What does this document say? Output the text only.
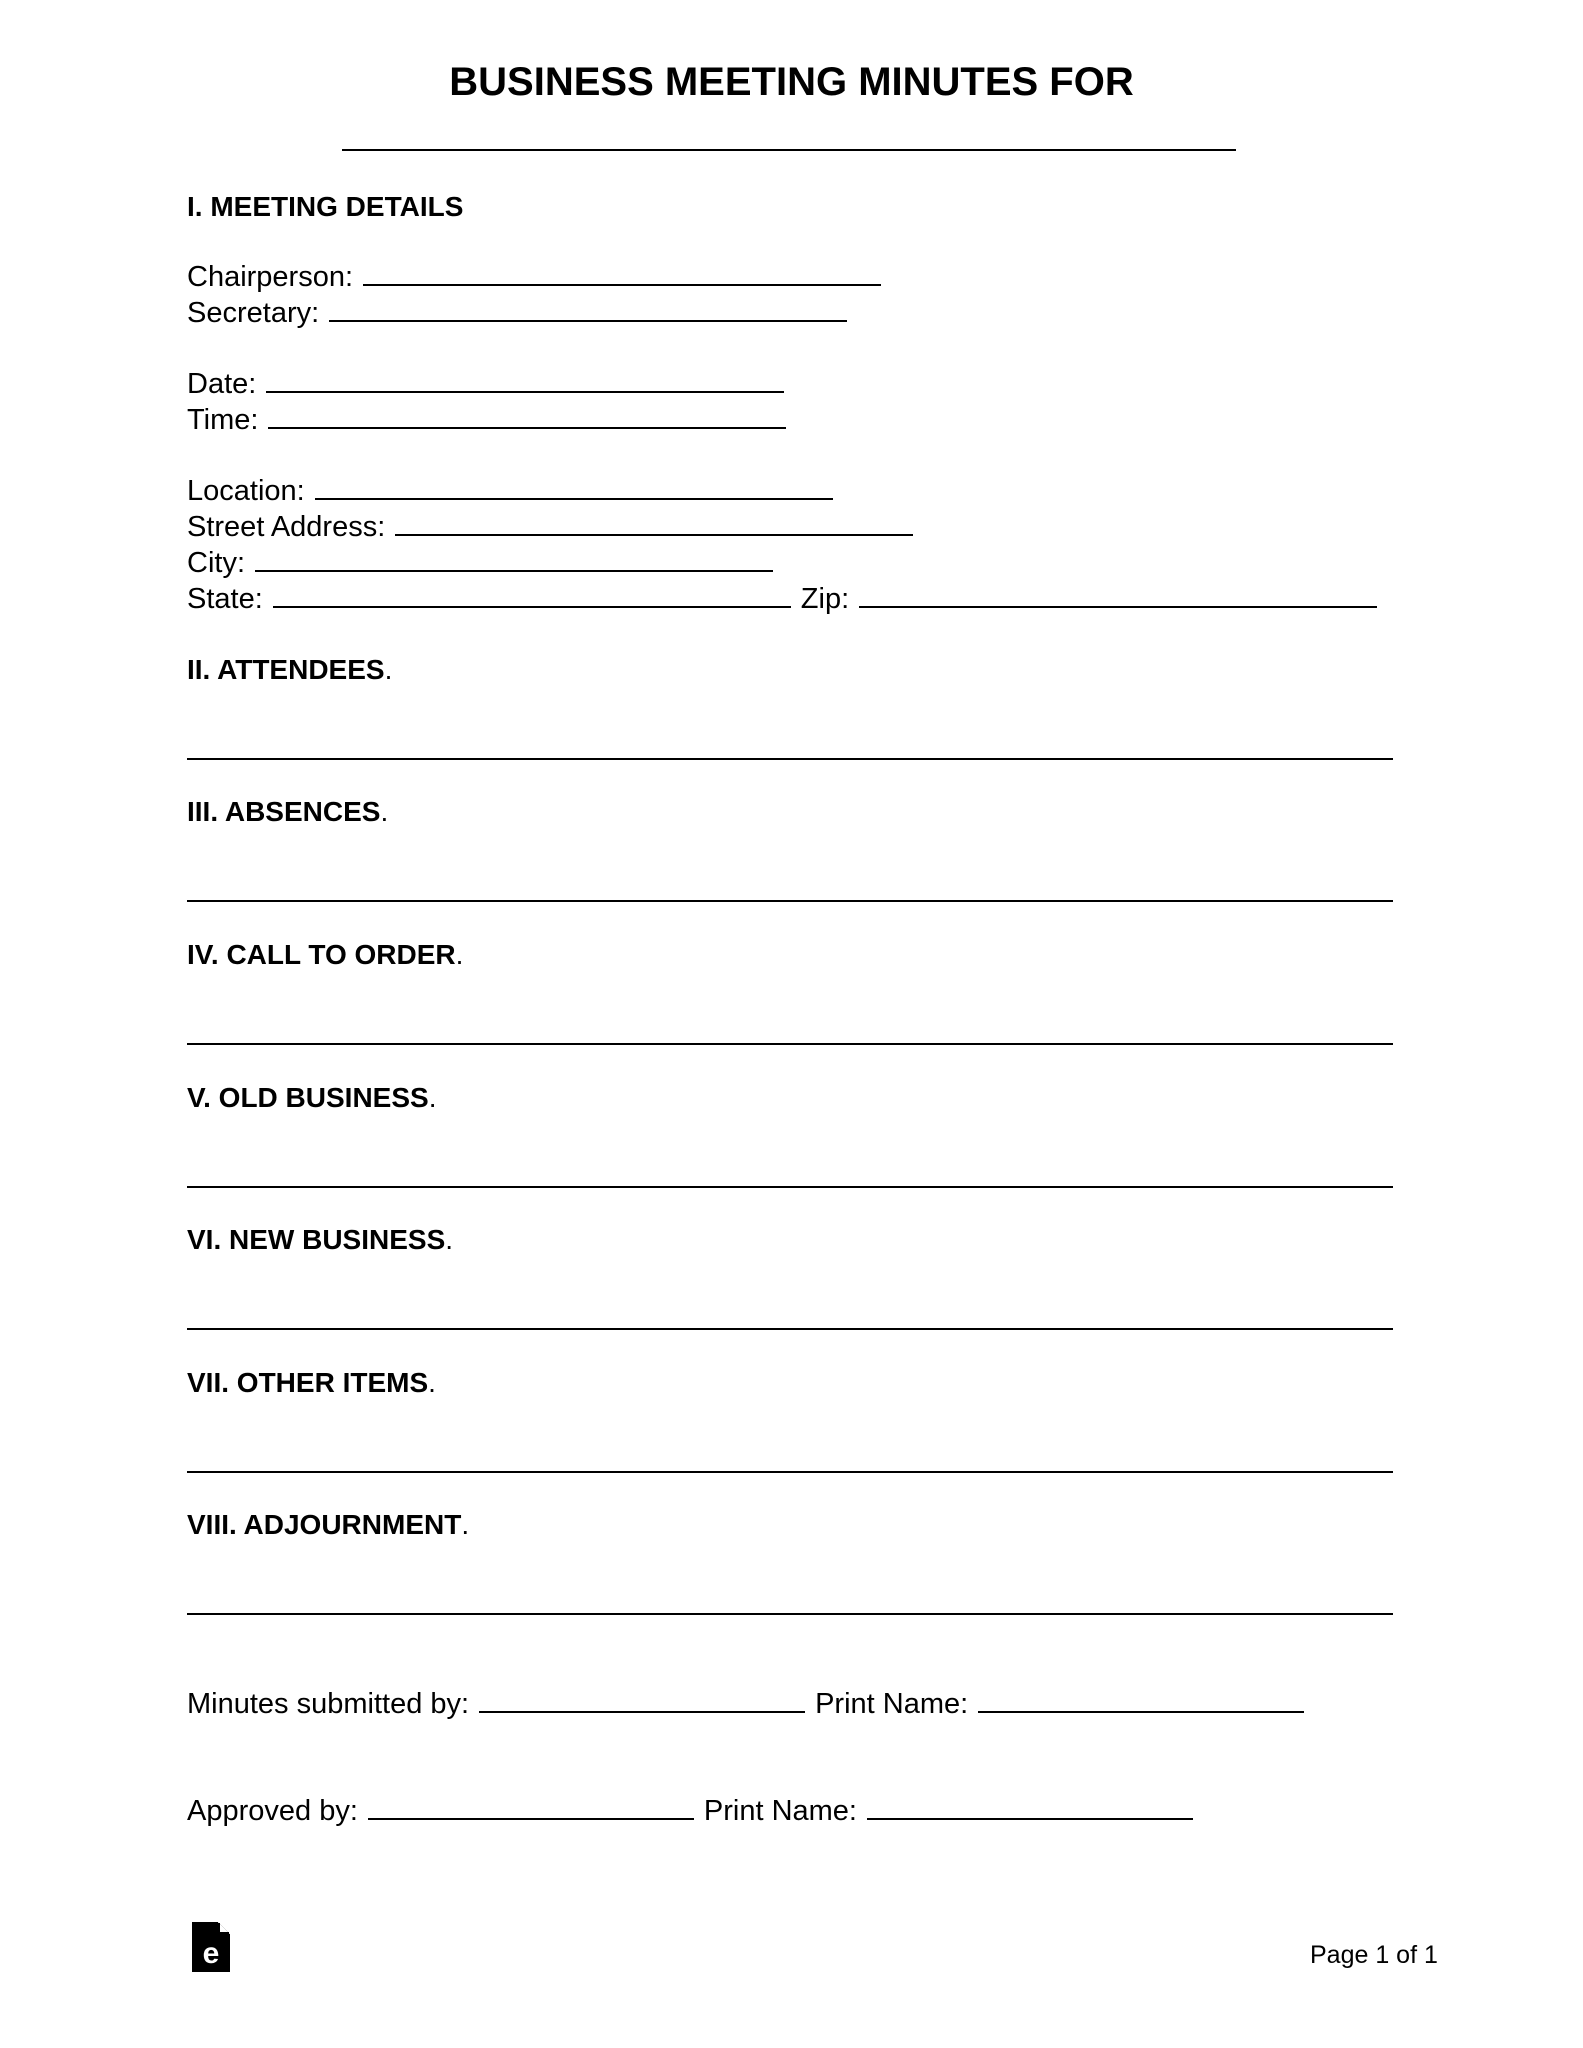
BUSINESS MEETING MINUTES FOR
I. MEETING DETAILS
Chairperson:
Secretary:
Date:
Time:
Location:
Street Address:
City:
State:	Zip:
II. ATTENDEES.
III. ABSENCES.
IV. CALL TO ORDER.
V. OLD BUSINESS.
VI. NEW BUSINESS.
VII. OTHER ITEMS.
VIII. ADJOURNMENT.
Minutes submitted by:	Print Name:
Approved by:	Print Name:
e	Page 1 of 1
